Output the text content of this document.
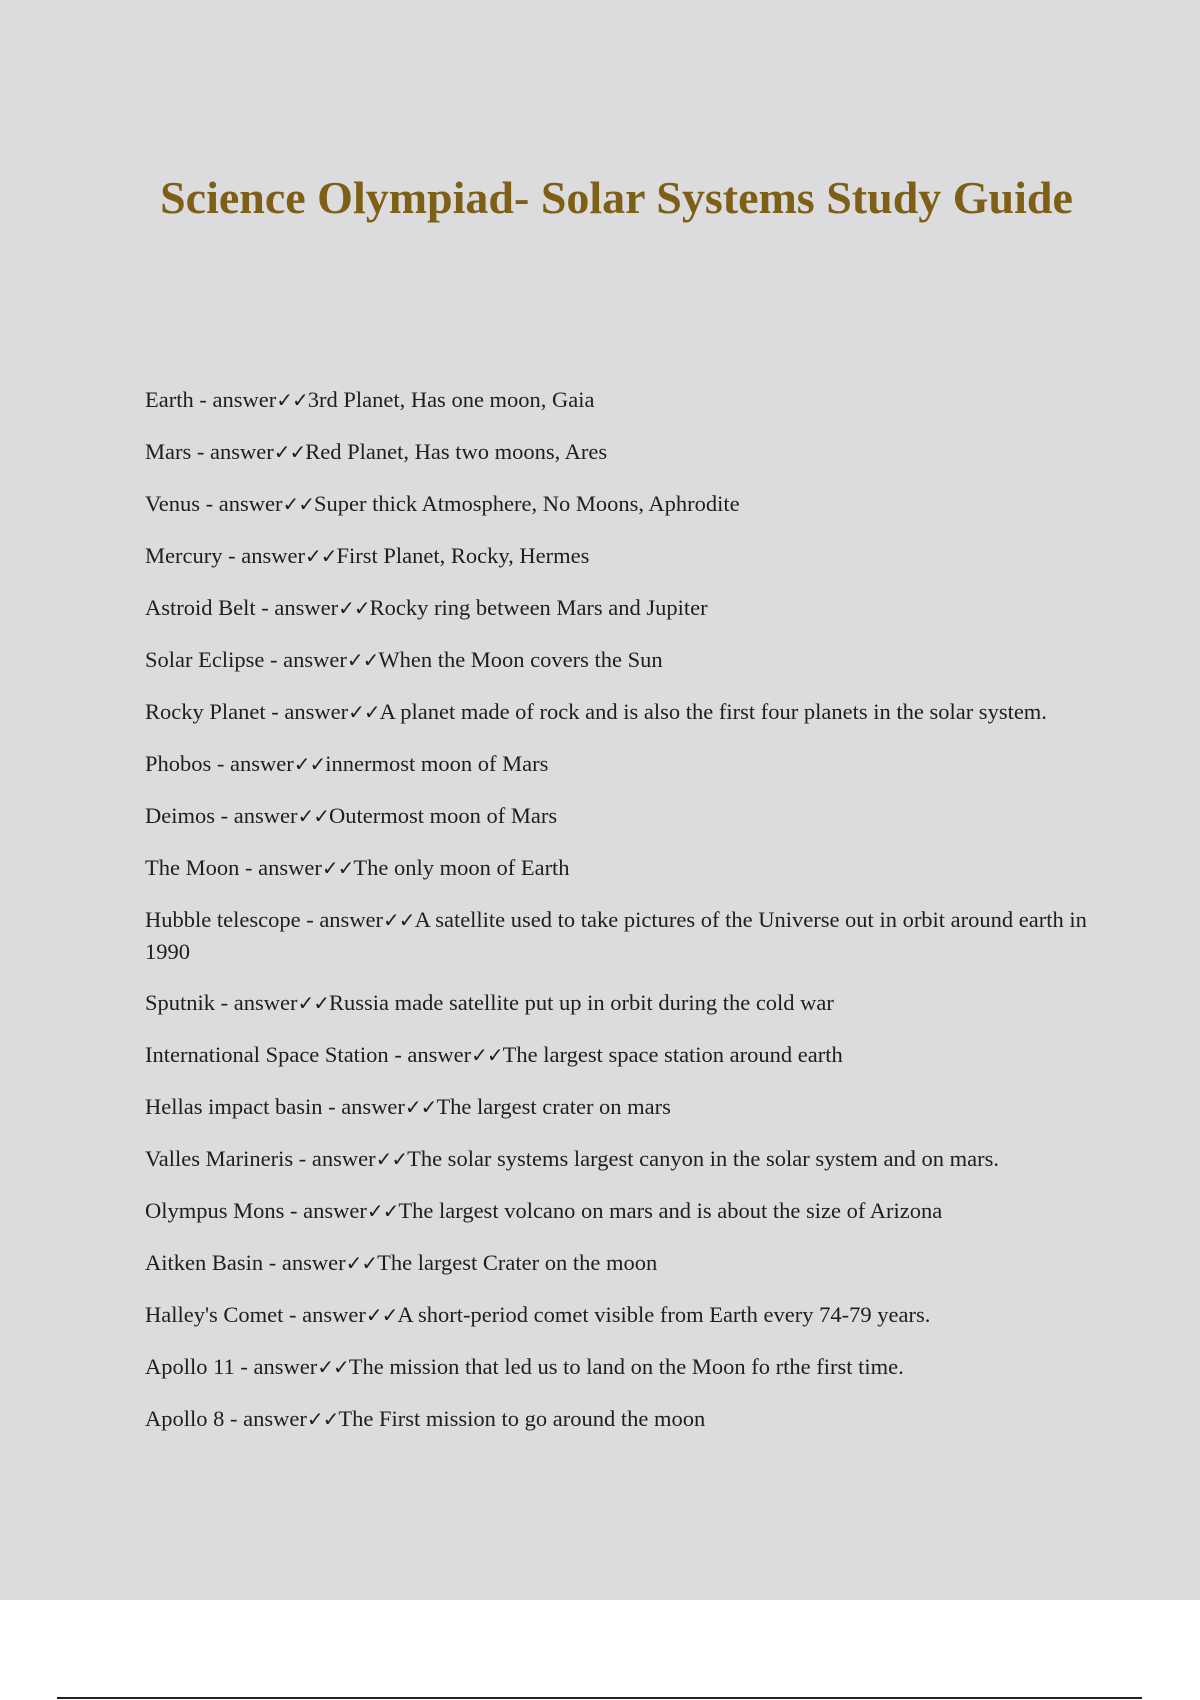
Science Olympiad- Solar Systems Study Guide
Earth - answer✓✓3rd Planet, Has one moon, Gaia
Mars - answer✓✓Red Planet, Has two moons, Ares
Venus - answer✓✓Super thick Atmosphere, No Moons, Aphrodite
Mercury - answer✓✓First Planet, Rocky, Hermes
Astroid Belt - answer✓✓Rocky ring between Mars and Jupiter
Solar Eclipse - answer✓✓When the Moon covers the Sun
Rocky Planet - answer✓✓A planet made of rock and is also the first four planets in the solar system.
Phobos - answer✓✓innermost moon of Mars
Deimos - answer✓✓Outermost moon of Mars
The Moon - answer✓✓The only moon of Earth
Hubble telescope - answer✓✓A satellite used to take pictures of the Universe out in orbit around earth in 1990
Sputnik - answer✓✓Russia made satellite put up in orbit during the cold war
International Space Station - answer✓✓The largest space station around earth
Hellas impact basin - answer✓✓The largest crater on mars
Valles Marineris - answer✓✓The solar systems largest canyon in the solar system and on mars.
Olympus Mons - answer✓✓The largest volcano on mars and is about the size of Arizona
Aitken Basin - answer✓✓The largest Crater on the moon
Halley's Comet - answer✓✓A short-period comet visible from Earth every 74-79 years.
Apollo 11 - answer✓✓The mission that led us to land on the Moon fo rthe first time.
Apollo 8 - answer✓✓The First mission to go around the moon
